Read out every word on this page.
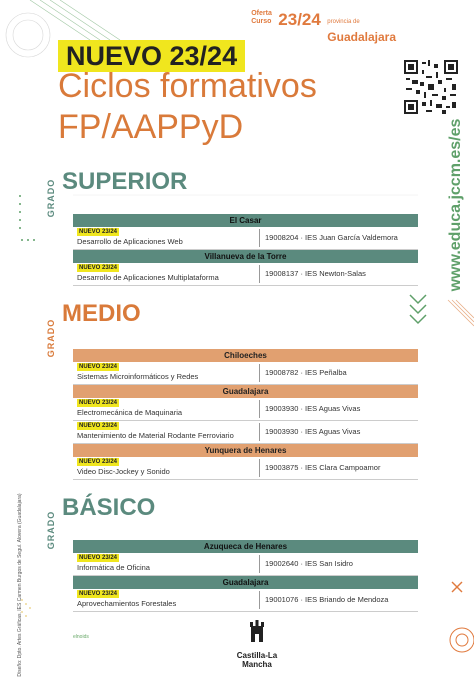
Oferta
Curso 23/24 provincia de
Guadalajara
NUEVO 23/24
Ciclos formativos
FP/AAPPyD	www.educa.jccm.es/es
GRADO SUPERIOR
El Casar
NUEVO 23/24
Desarrollo de Aplicaciones Web	19008204 · IES Juan García Valdemora
Villanueva de la Torre
NUEVO 23/24
Desarrollo de Aplicaciones Multiplataforma	19008137 · IES Newton-Salas
GRADO
MEDIO
Chiloeches
NUEVO 23/24
Sistemas Microinformáticos y Redes	19008782 · IES Peñalba
Guadalajara
NUEVO 23/24
Electromecánica de Maquinaria	19003930 · IES Aguas Vivas
NUEVO 23/24
Mantenimiento de Material Rodante Ferroviario	19003930 · IES Aguas Vivas
Yunquera de Henares
NUEVO 23/24
Video Disc-Jockey y Sonido	19003875 · IES Clara Campoamor
GRADO
BÁSICO
Azuqueca de Henares
NUEVO 23/24
Informática de Oficina	19002640 · IES San Isidro
Guadalajara
NUEVO 23/24
Aprovechamientos Forestales	19001076 · IES Briando de Mendoza
Diseño: Dpto. Artes Gráficas. IES Carmen Burgos de Seguí. Alovera (Guadalajara)	elnoids
Castilla-La Mancha
